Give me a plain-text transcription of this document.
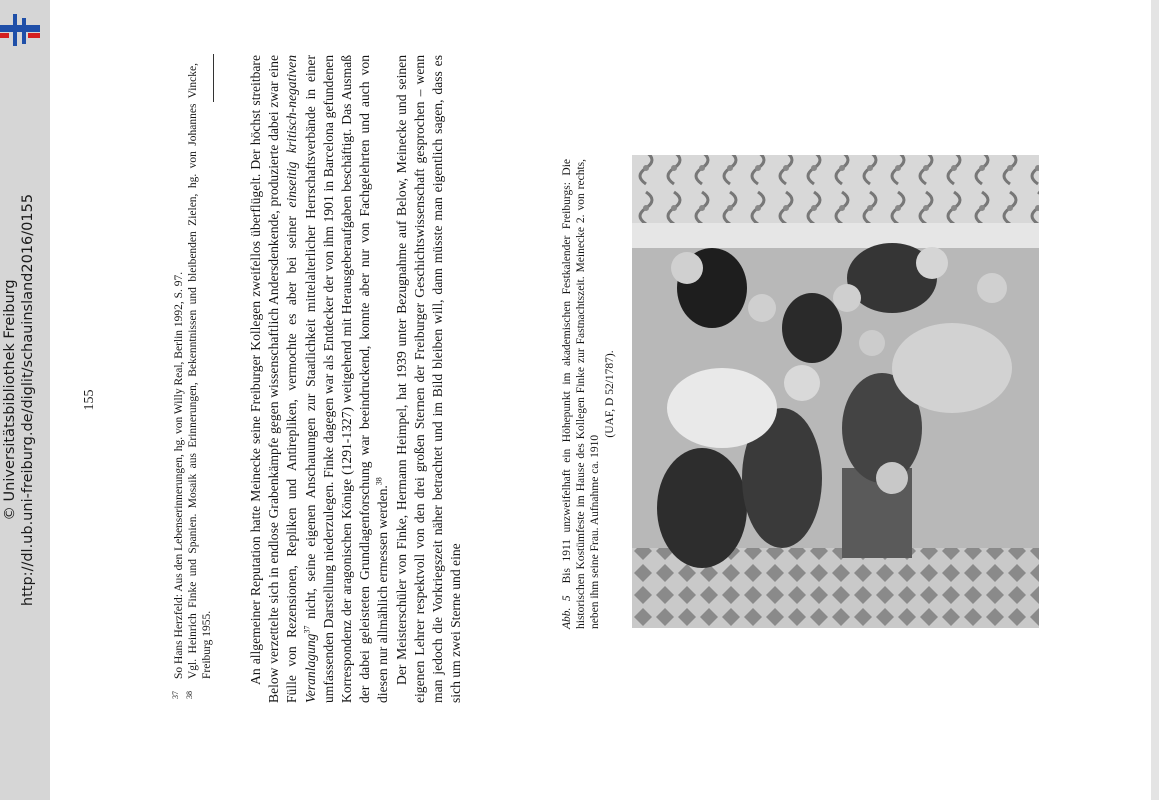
http://dl.ub.uni-freiburg.de/diglit/schauinsland2016/0155
© Universitätsbibliothek Freiburg	155
37
So Hans Herzfeld: Aus den Lebenserinnerungen, hg. von Willy Real, Berlin 1992, S. 97.
38
Vgl. Heinrich Finke und Spanien. Mosaik aus Erinnerungen, Bekenntnissen und bleibenden Zielen, hg. von Johannes Vincke, Freiburg 1955.	An allgemeiner Reputation hatte Meinecke seine Freiburger Kollegen zweifellos überflügelt. Der höchst streitbare Below verzettelte sich in endlose Grabenkämpfe gegen wissenschaftlich Andersdenkende, produzierte dabei zwar eine Fülle von Rezensionen, Repliken und Antirepliken, vermochte es aber bei seiner einseitig kritisch-negativen Veranlagung$^{37}$ nicht, seine eigenen Anschauungen zur Staatlichkeit mittelalterlicher Herrschaftsverbände in einer umfassenden Darstellung niederzulegen. Finke dagegen war als Entdecker der von ihm 1901 in Barcelona gefundenen Korrespondenz der aragonischen Könige (1291-1327) weitgehend mit Herausgeberaufgaben beschäftigt. Das Ausmaß der dabei geleisteten Grundlagenforschung war beeindruckend, konnte aber nur von Fachgelehrten und auch von diesen nur allmählich ermessen werden.$^{38}$ Der Meisterschüler von Finke, Hermann Heimpel, hat 1939 unter Bezugnahme auf Below, Meinecke und seinen eigenen Lehrer respektvoll von den drei großen Sternen der Freiburger Geschichtswissenschaft gesprochen – wenn man jedoch die Vorkriegszeit näher betrachtet und im Bild bleiben will, dann müsste man eigentlich sagen, dass es sich um zwei Sterne und eine	Abb. 5Bis 1911 unzweifelhaft ein Höhepunkt im akademischen Festkalender Freiburgs: Die historischen Kostümfeste im Hause des Kollegen Finke zur Fastnachtszeit. Meinecke 2. von rechts, neben ihm seine Frau. Aufnahme ca. 1910
(UAF, D 52/1787).
